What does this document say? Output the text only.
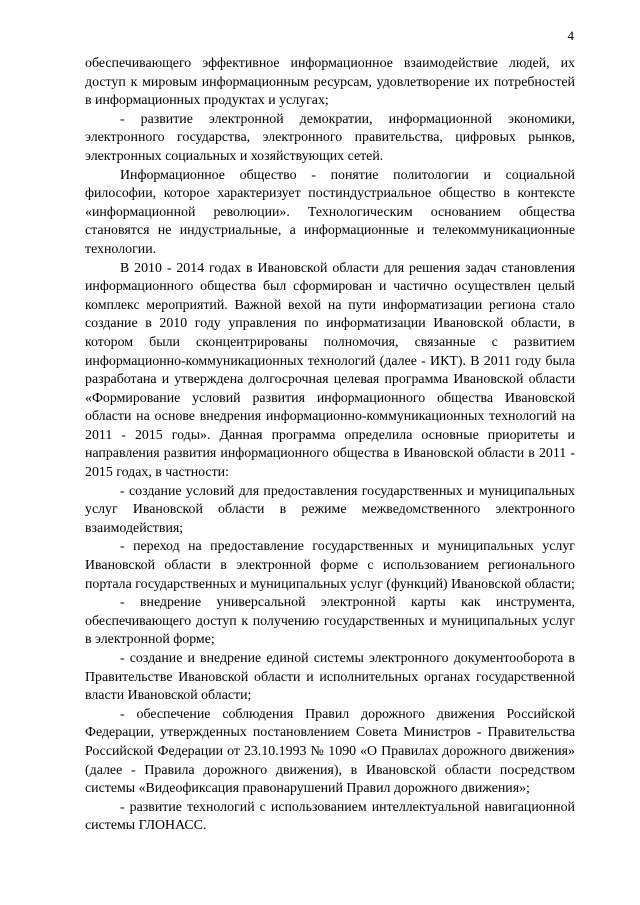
4

обеспечивающего эффективное информационное взаимодействие людей, их доступ к мировым информационным ресурсам, удовлетворение их потребностей в информационных продуктах и услугах;

- развитие электронной демократии, информационной экономики, электронного государства, электронного правительства, цифровых рынков, электронных социальных и хозяйствующих сетей.

Информационное общество - понятие политологии и социальной философии, которое характеризует постиндустриальное общество в контексте «информационной революции». Технологическим основанием общества становятся не индустриальные, а информационные и телекоммуникационные технологии.

В 2010 - 2014 годах в Ивановской области для решения задач становления информационного общества был сформирован и частично осуществлен целый комплекс мероприятий. Важной вехой на пути информатизации региона стало создание в 2010 году управления по информатизации Ивановской области, в котором были сконцентрированы полномочия, связанные с развитием информационно-коммуникационных технологий (далее - ИКТ). В 2011 году была разработана и утверждена долгосрочная целевая программа Ивановской области «Формирование условий развития информационного общества Ивановской области на основе внедрения информационно-коммуникационных технологий на 2011 - 2015 годы». Данная программа определила основные приоритеты и направления развития информационного общества в Ивановской области в 2011 - 2015 годах, в частности:

- создание условий для предоставления государственных и муниципальных услуг Ивановской области в режиме межведомственного электронного взаимодействия;

- переход на предоставление государственных и муниципальных услуг Ивановской области в электронной форме с использованием регионального портала государственных и муниципальных услуг (функций) Ивановской области;

- внедрение универсальной электронной карты как инструмента, обеспечивающего доступ к получению государственных и муниципальных услуг в электронной форме;

- создание и внедрение единой системы электронного документооборота в Правительстве Ивановской области и исполнительных органах государственной власти Ивановской области;

- обеспечение соблюдения Правил дорожного движения Российской Федерации, утвержденных постановлением Совета Министров - Правительства Российской Федерации от 23.10.1993 № 1090 «О Правилах дорожного движения» (далее - Правила дорожного движения), в Ивановской области посредством системы «Видеофиксация правонарушений Правил дорожного движения»;

- развитие технологий с использованием интеллектуальной навигационной системы ГЛОНАСС.
